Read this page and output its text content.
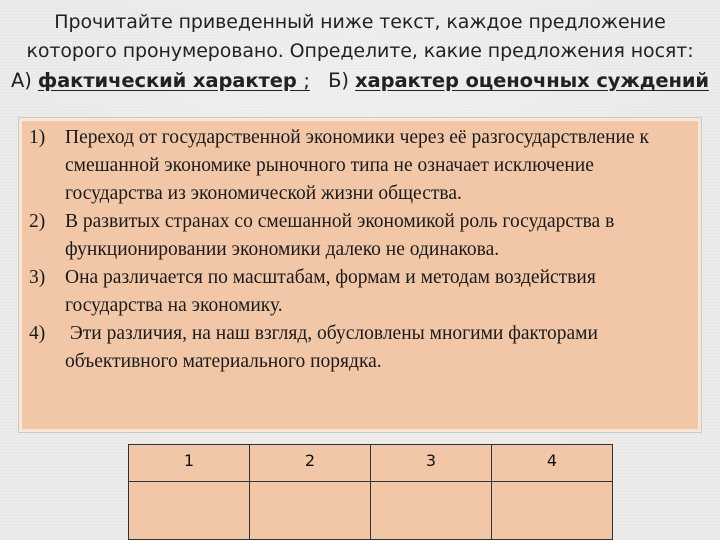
Прочитайте приведенный ниже текст, каждое предложение
которого пронумеровано. Определите, какие предложения носят:
А) фактический характер ; Б) характер оценочных суждений
1)	Переход от государственной экономики через её разгосударствление к смешанной экономике рыночного типа не означает исключение государства из экономической жизни общества.
2)	В развитых странах со смешанной экономикой роль государства в функционировании экономики далеко не одинакова.
3)	Она различается по масштабам, формам и методам воздействия государства на экономику.
4)	Эти различия, на наш взгляд, обусловлены многими факторами объективного материального порядка.
1	2	3	4
